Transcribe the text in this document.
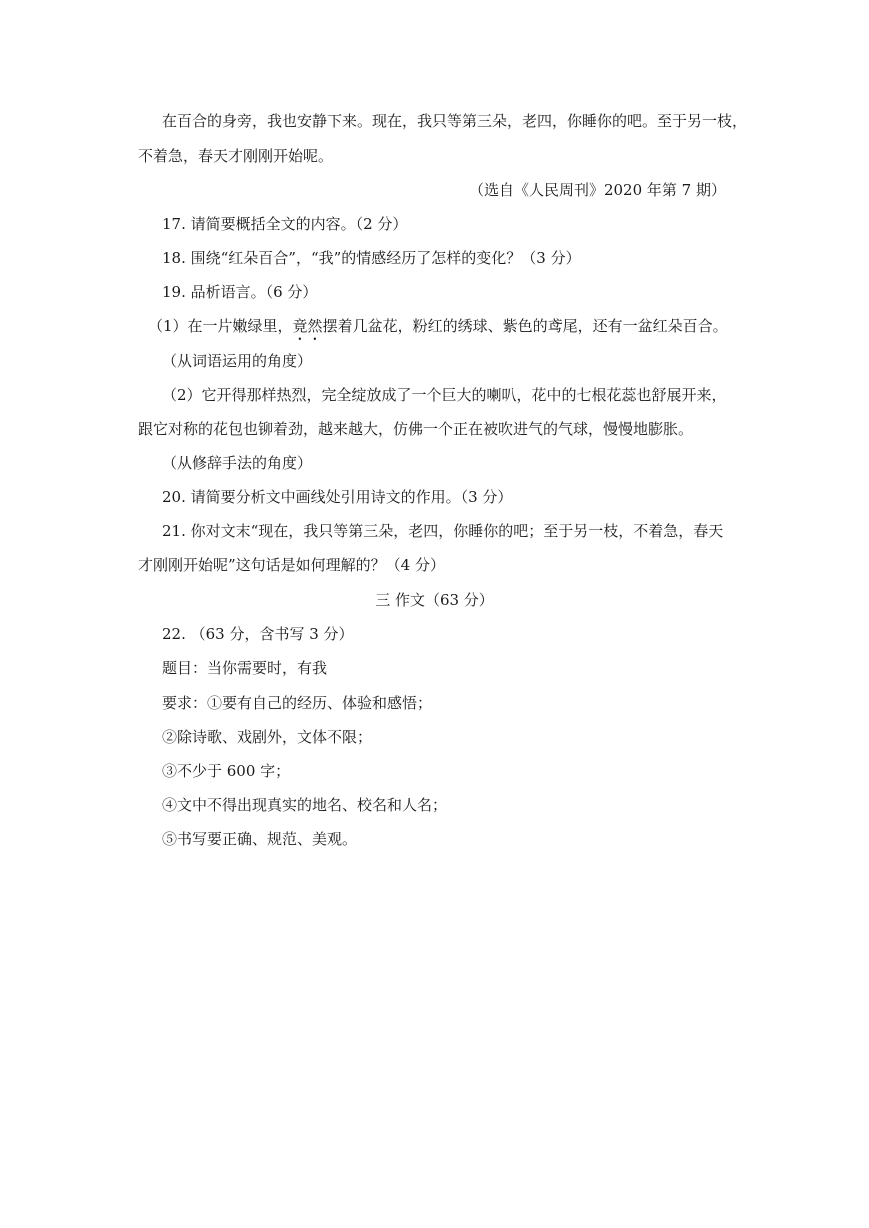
在百合的身旁，我也安静下来。现在，我只等第三朵，老四，你睡你的吧。至于另一枝，
不着急，春天才刚刚开始呢。
（选自《人民周刊》2020 年第 7 期）
17. 请简要概括全文的内容。（2 分）
18. 围绕“红朵百合”，“我”的情感经历了怎样的变化？（3 分）
19. 品析语言。（6 分）
（1）在一片嫩绿里，竟然摆着几盆花，粉红的绣球、紫色的鸢尾，还有一盆红朵百合。
（从词语运用的角度）
（2）它开得那样热烈，完全绽放成了一个巨大的喇叭，花中的七根花蕊也舒展开来，
跟它对称的花包也铆着劲，越来越大，仿佛一个正在被吹进气的气球，慢慢地膨胀。
（从修辞手法的角度）
20. 请简要分析文中画线处引用诗文的作用。（3 分）
21. 你对文末“现在，我只等第三朵，老四，你睡你的吧；至于另一枝，不着急，春天
才刚刚开始呢”这句话是如何理解的？（4 分）
三 作文（63 分）
22. （63 分，含书写 3 分）
题目：当你需要时，有我
要求：①要有自己的经历、体验和感悟；
②除诗歌、戏剧外，文体不限；
③不少于 600 字；
④文中不得出现真实的地名、校名和人名；
⑤书写要正确、规范、美观。
